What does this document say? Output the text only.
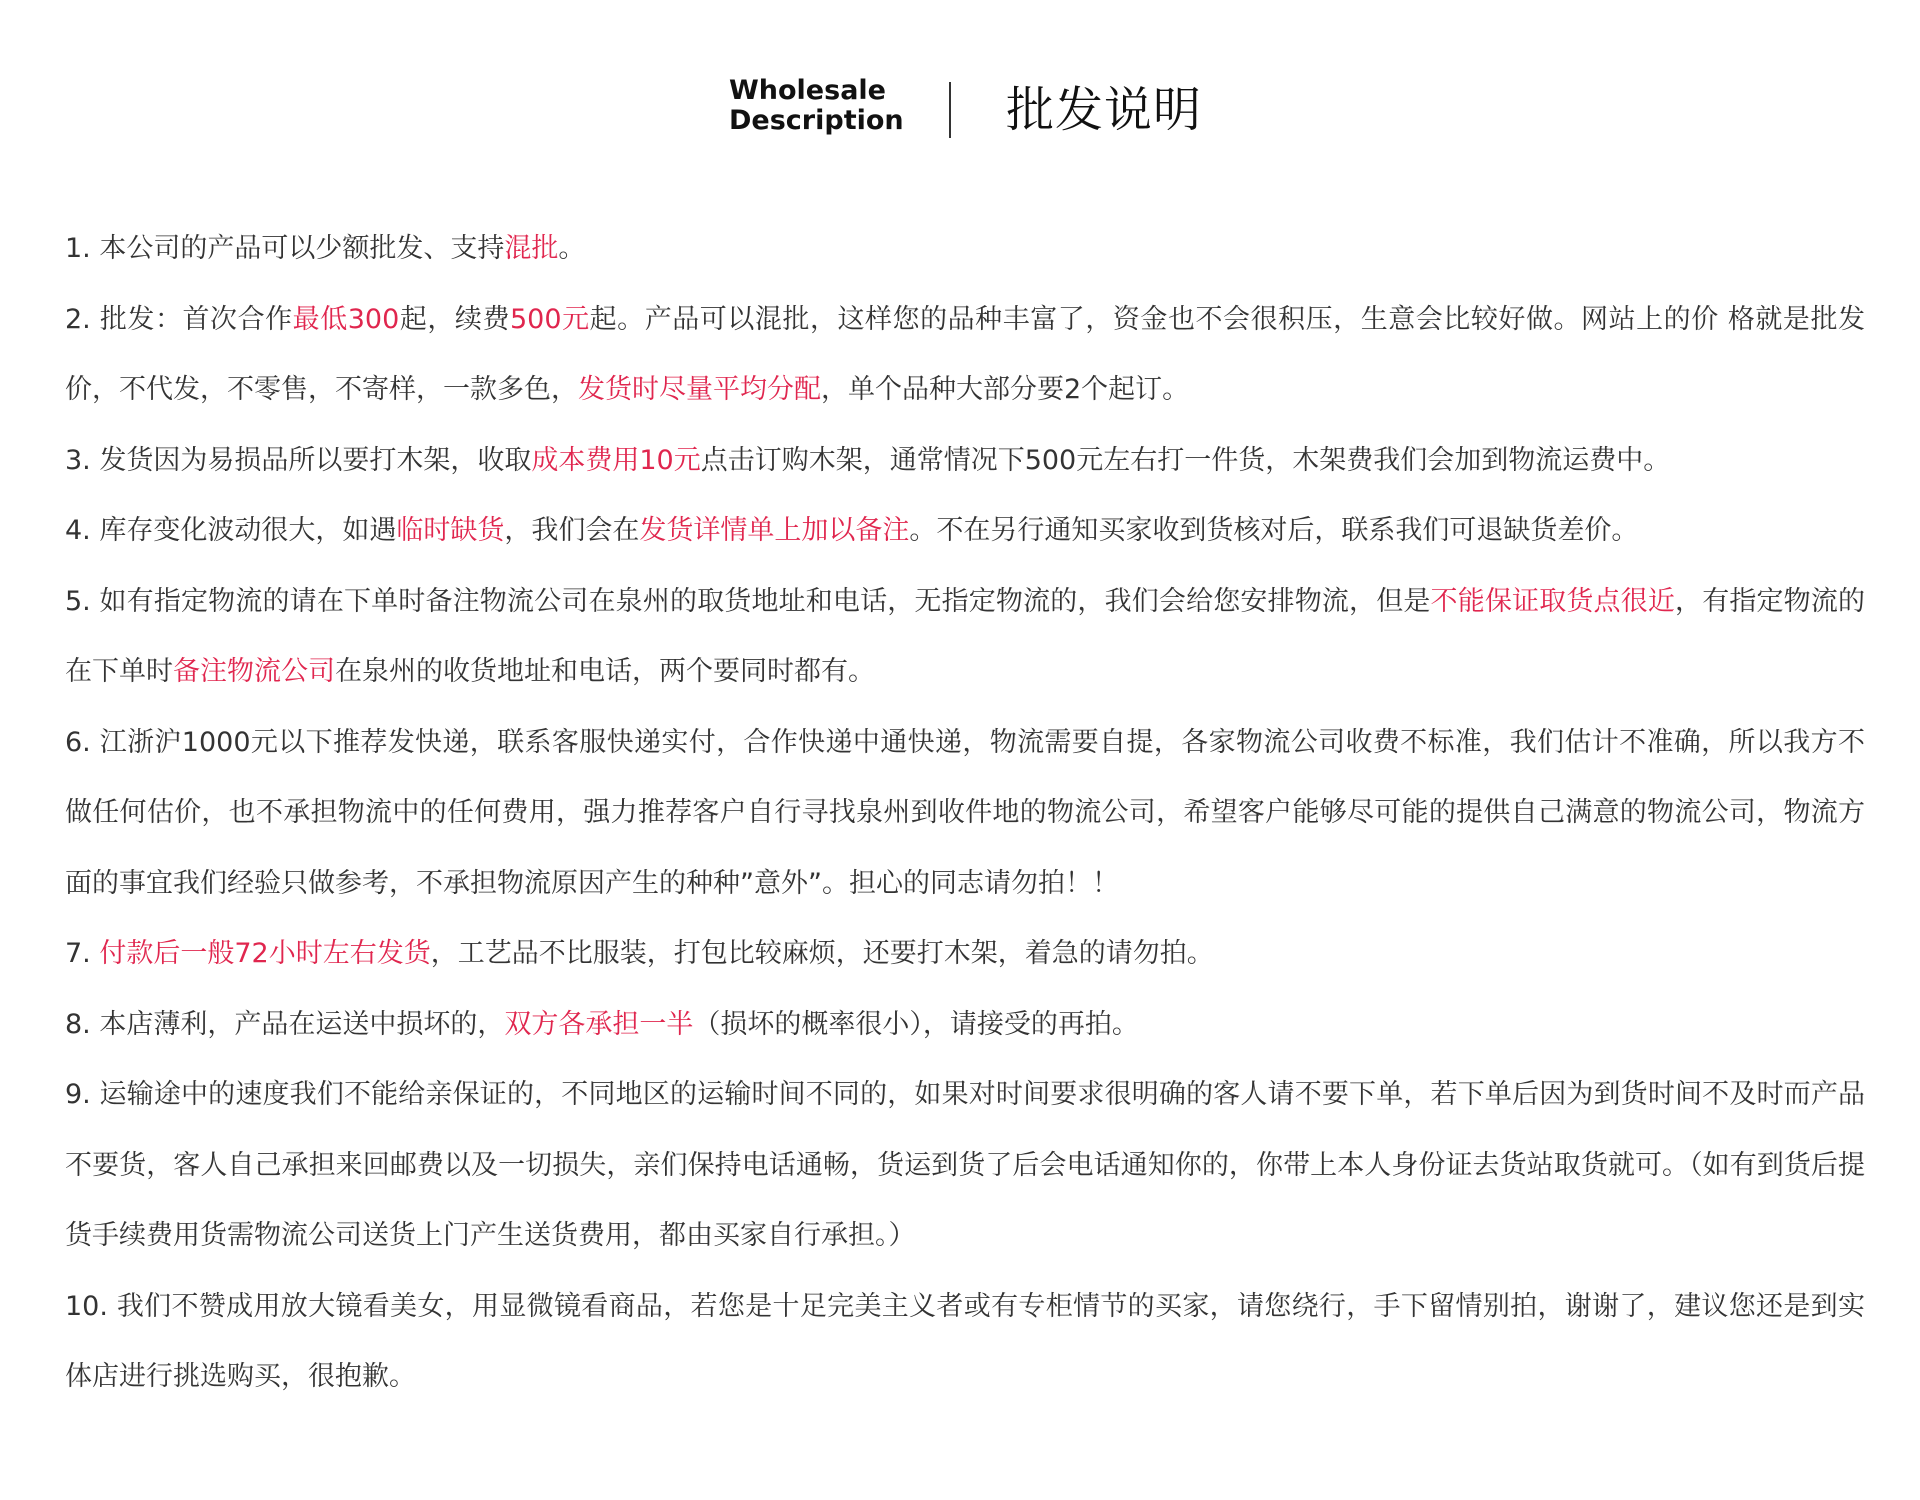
Wholesale
Description 批发说明

1. 本公司的产品可以少额批发、支持混批。

2. 批发：首次合作最低300起，续费500元起。产品可以混批，这样您的品种丰富了，资金也不会很积压，生意会比较好做。网站上的价 格就是批发价，不代发，不零售，不寄样，一款多色，发货时尽量平均分配，单个品种大部分要2个起订。

3. 发货因为易损品所以要打木架，收取成本费用10元点击订购木架，通常情况下500元左右打一件货，木架费我们会加到物流运费中。

4. 库存变化波动很大，如遇临时缺货，我们会在发货详情单上加以备注。不在另行通知买家收到货核对后，联系我们可退缺货差价。

5. 如有指定物流的请在下单时备注物流公司在泉州的取货地址和电话，无指定物流的，我们会给您安排物流，但是不能保证取货点很近，有指定物流的在下单时备注物流公司在泉州的收货地址和电话，两个要同时都有。

6. 江浙沪1000元以下推荐发快递，联系客服快递实付，合作快递中通快递，物流需要自提，各家物流公司收费不标准，我们估计不准确，所以我方不做任何估价，也不承担物流中的任何费用，强力推荐客户自行寻找泉州到收件地的物流公司，希望客户能够尽可能的提供自己满意的物流公司，物流方面的事宜我们经验只做参考，不承担物流原因产生的种种”意外”。担心的同志请勿拍！！

7. 付款后一般72小时左右发货，工艺品不比服装，打包比较麻烦，还要打木架，着急的请勿拍。

8. 本店薄利，产品在运送中损坏的，双方各承担一半（损坏的概率很小），请接受的再拍。

9. 运输途中的速度我们不能给亲保证的，不同地区的运输时间不同的，如果对时间要求很明确的客人请不要下单，若下单后因为到货时间不及时而产品不要货，客人自己承担来回邮费以及一切损失，亲们保持电话通畅，货运到货了后会电话通知你的，你带上本人身份证去货站取货就可。（如有到货后提货手续费用货需物流公司送货上门产生送货费用，都由买家自行承担。）

10. 我们不赞成用放大镜看美女，用显微镜看商品，若您是十足完美主义者或有专柜情节的买家，请您绕行，手下留情别拍，谢谢了，建议您还是到实体店进行挑选购买，很抱歉。
